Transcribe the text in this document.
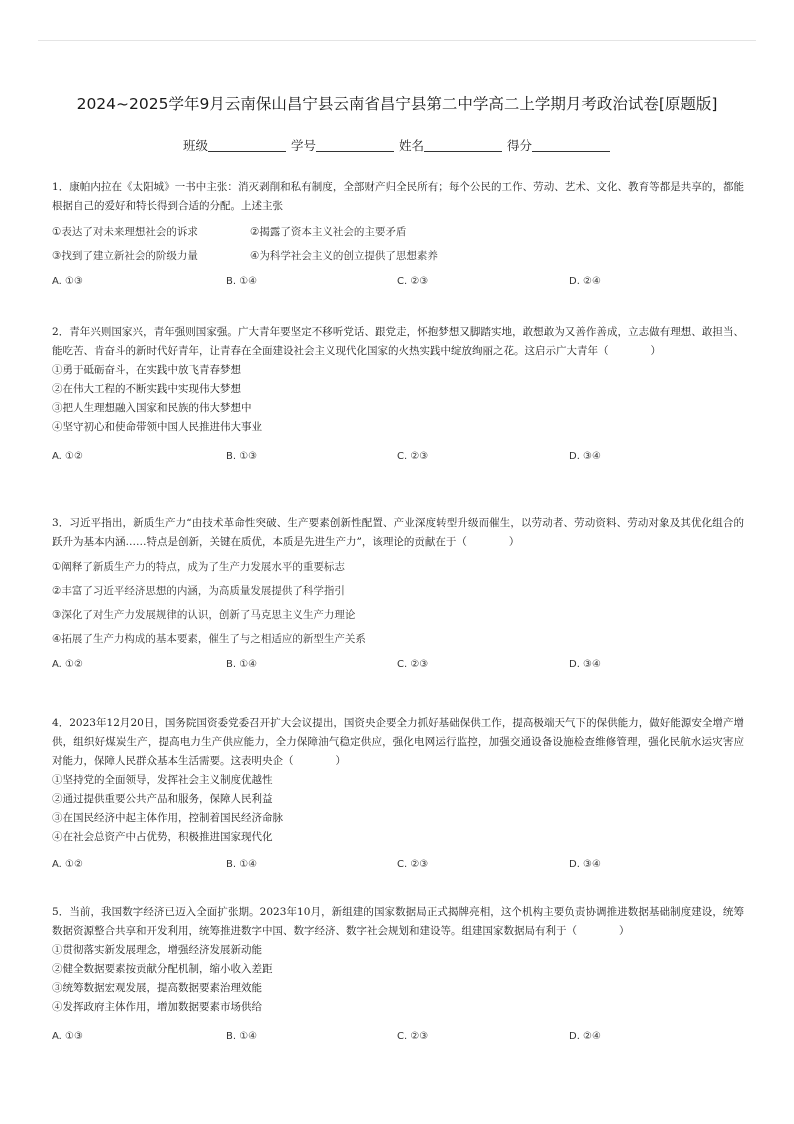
2024~2025学年9月云南保山昌宁县云南省昌宁县第二中学高二上学期月考政治试卷[原题版]
班级	学号	姓名	得分

1．康帕内拉在《太阳城》一书中主张：消灭剥削和私有制度，全部财产归全民所有；每个公民的工作、劳动、艺术、文化、教育等都是共享的，都能根据自己的爱好和特长得到合适的分配。上述主张

①表达了对未来理想社会的诉求	②揭露了资本主义社会的主要矛盾
③找到了建立新社会的阶级力量	④为科学社会主义的创立提供了思想素养
A. ①③	B. ①④	C. ②③	D. ②④

2．青年兴则国家兴，青年强则国家强。广大青年要坚定不移听党话、跟党走，怀抱梦想又脚踏实地，敢想敢为又善作善成，立志做有理想、敢担当、能吃苦、肯奋斗的新时代好青年，让青春在全面建设社会主义现代化国家的火热实践中绽放绚丽之花。这启示广大青年（　　　　）

①勇于砥砺奋斗，在实践中放飞青春梦想

②在伟大工程的不断实践中实现伟大梦想

③把人生理想融入国家和民族的伟大梦想中

④坚守初心和使命带领中国人民推进伟大事业

A. ①②	B. ①③	C. ②③	D. ③④

3．习近平指出，新质生产力“由技术革命性突破、生产要素创新性配置、产业深度转型升级而催生，以劳动者、劳动资料、劳动对象及其优化组合的跃升为基本内涵……特点是创新，关键在质优，本质是先进生产力”，该理论的贡献在于（　　　　）

①阐释了新质生产力的特点，成为了生产力发展水平的重要标志
②丰富了习近平经济思想的内涵，为高质量发展提供了科学指引
③深化了对生产力发展规律的认识，创新了马克思主义生产力理论
④拓展了生产力构成的基本要素，催生了与之相适应的新型生产关系
A. ①②	B. ①④	C. ②③	D. ③④

4．2023年12月20日，国务院国资委党委召开扩大会议提出，国资央企要全力抓好基础保供工作，提高极端天气下的保供能力，做好能源安全增产增供，组织好煤炭生产，提高电力生产供应能力，全力保障油气稳定供应，强化电网运行监控，加强交通设备设施检查维修管理，强化民航水运灾害应对能力，保障人民群众基本生活需要。这表明央企（　　　　）

①坚持党的全面领导，发挥社会主义制度优越性

②通过提供重要公共产品和服务，保障人民利益

③在国民经济中起主体作用，控制着国民经济命脉

④在社会总资产中占优势，积极推进国家现代化

A. ①②	B. ①④	C. ②③	D. ③④

5．当前，我国数字经济已迈入全面扩张期。2023年10月，新组建的国家数据局正式揭牌亮相，这个机构主要负责协调推进数据基础制度建设，统筹数据资源整合共享和开发利用，统筹推进数字中国、数字经济、数字社会规划和建设等。组建国家数据局有利于（　　　　）

①贯彻落实新发展理念，增强经济发展新动能

②健全数据要素按贡献分配机制，缩小收入差距

③统筹数据宏观发展，提高数据要素治理效能

④发挥政府主体作用，增加数据要素市场供给

A. ①③	B. ①④	C. ②③	D. ②④
